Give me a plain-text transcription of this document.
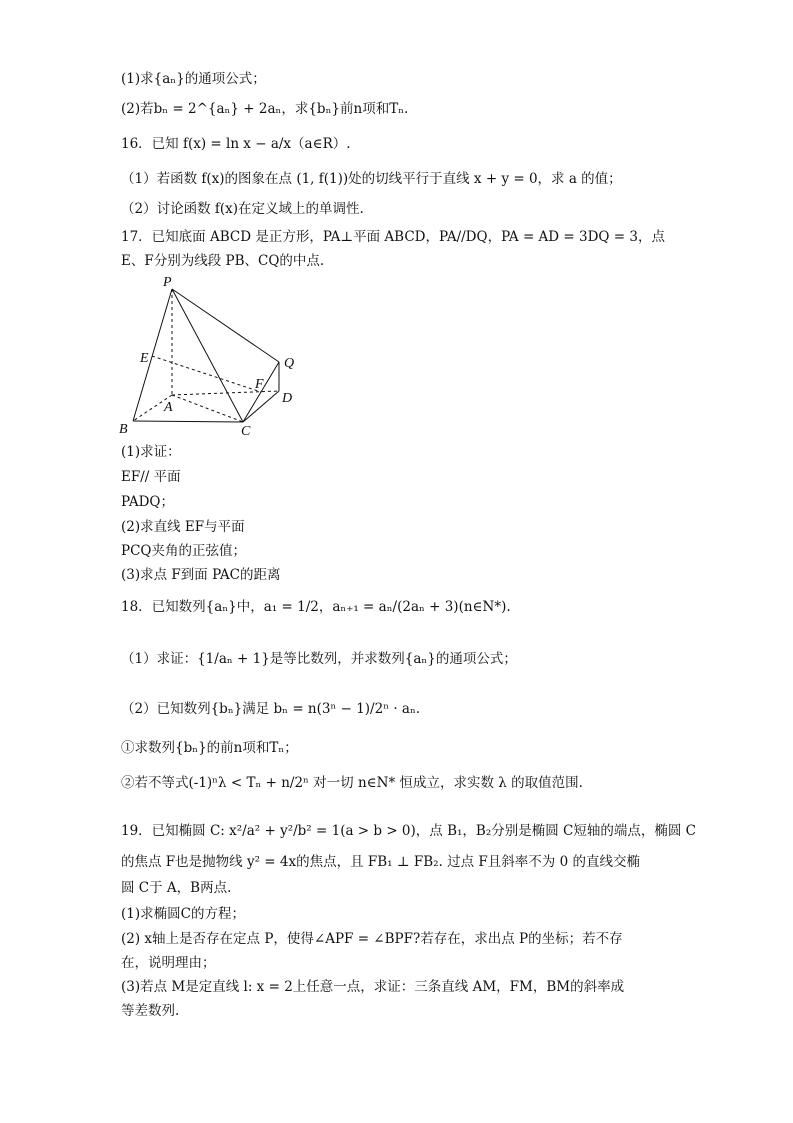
(1)求{aₙ}的通项公式；
(2)若bₙ = 2^{aₙ} + 2aₙ，求{bₙ}前n项和Tₙ.
16．已知 f(x) = ln x − a/x（a∈R）.
（1）若函数 f(x)的图象在点 (1, f(1))处的切线平行于直线 x + y = 0，求 a 的值；
（2）讨论函数 f(x)在定义域上的单调性.
17．已知底面 ABCD 是正方形，PA⊥平面 ABCD，PA//DQ，PA = AD = 3DQ = 3，点
E、F分别为线段 PB、CQ的中点.
P
E
A
B	C
D
Q
F
(1)求证：
EF// 平面
PADQ；
(2)求直线 EF与平面
PCQ夹角的正弦值；
(3)求点 F到面 PAC的距离
18．已知数列{aₙ}中，a₁ = 1/2，aₙ₊₁ = aₙ/(2aₙ + 3)(n∈N*).
（1）求证：{1/aₙ + 1}是等比数列，并求数列{aₙ}的通项公式；
（2）已知数列{bₙ}满足 bₙ = n(3ⁿ − 1)/2ⁿ · aₙ.
①求数列{bₙ}的前n项和Tₙ；
②若不等式(-1)ⁿλ < Tₙ + n/2ⁿ 对一切 n∈N* 恒成立，求实数 λ 的取值范围.
19．已知椭圆 C: x²/a² + y²/b² = 1(a > b > 0)，点 B₁，B₂分别是椭圆 C短轴的端点，椭圆 C
的焦点 F也是抛物线 y² = 4x的焦点，且 FB₁ ⊥ FB₂. 过点 F且斜率不为 0 的直线交椭
圆 C于 A，B两点.
(1)求椭圆C的方程；
(2) x轴上是否存在定点 P，使得∠APF = ∠BPF?若存在，求出点 P的坐标；若不存
在，说明理由；
(3)若点 M是定直线 l: x = 2上任意一点，求证：三条直线 AM，FM，BM的斜率成
等差数列.
